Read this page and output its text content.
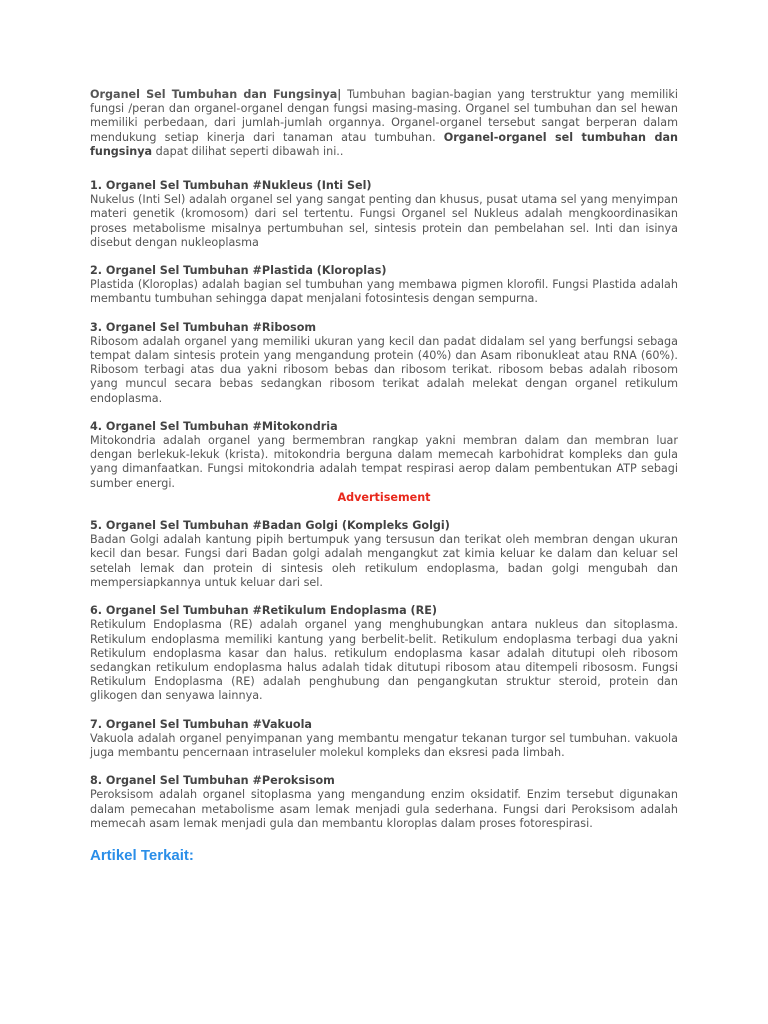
Organel Sel Tumbuhan dan Fungsinya| Tumbuhan bagian-bagian yang terstruktur yang memiliki fungsi /peran dan organel-organel dengan fungsi masing-masing. Organel sel tumbuhan dan sel hewan memiliki perbedaan, dari jumlah-jumlah organnya. Organel-organel tersebut sangat berperan dalam mendukung setiap kinerja dari tanaman atau tumbuhan. Organel-organel sel tumbuhan dan fungsinya dapat dilihat seperti dibawah ini..

1. Organel Sel Tumbuhan #Nukleus (Inti Sel)

Nukelus (Inti Sel) adalah organel sel yang sangat penting dan khusus, pusat utama sel yang menyimpan materi genetik (kromosom) dari sel tertentu. Fungsi Organel sel Nukleus adalah mengkoordinasikan proses metabolisme misalnya pertumbuhan sel, sintesis protein dan pembelahan sel. Inti dan isinya disebut dengan nukleoplasma

2. Organel Sel Tumbuhan #Plastida (Kloroplas)

Plastida (Kloroplas) adalah bagian sel tumbuhan yang membawa pigmen klorofil. Fungsi Plastida adalah membantu tumbuhan sehingga dapat menjalani fotosintesis dengan sempurna.

3. Organel Sel Tumbuhan #Ribosom

Ribosom adalah organel yang memiliki ukuran yang kecil dan padat didalam sel yang berfungsi sebaga tempat dalam sintesis protein yang mengandung protein (40%) dan Asam ribonukleat atau RNA (60%). Ribosom terbagi atas dua yakni ribosom bebas dan ribosom terikat. ribosom bebas adalah ribosom yang muncul secara bebas sedangkan ribosom terikat adalah melekat dengan organel retikulum endoplasma.

4. Organel Sel Tumbuhan #Mitokondria

Mitokondria adalah organel yang bermembran rangkap yakni membran dalam dan membran luar dengan berlekuk-lekuk (krista). mitokondria berguna dalam memecah karbohidrat kompleks dan gula yang dimanfaatkan. Fungsi mitokondria adalah tempat respirasi aerop dalam pembentukan ATP sebagi sumber energi.

Advertisement
5. Organel Sel Tumbuhan #Badan Golgi (Kompleks Golgi)

Badan Golgi adalah kantung pipih bertumpuk yang tersusun dan terikat oleh membran dengan ukuran kecil dan besar. Fungsi dari Badan golgi adalah mengangkut zat kimia keluar ke dalam dan keluar sel setelah lemak dan protein di sintesis oleh retikulum endoplasma, badan golgi mengubah dan mempersiapkannya untuk keluar dari sel.

6. Organel Sel Tumbuhan #Retikulum Endoplasma (RE)

Retikulum Endoplasma (RE) adalah organel yang menghubungkan antara nukleus dan sitoplasma. Retikulum endoplasma memiliki kantung yang berbelit-belit. Retikulum endoplasma terbagi dua yakni Retikulum endoplasma kasar dan halus. retikulum endoplasma kasar adalah ditutupi oleh ribosom sedangkan retikulum endoplasma halus adalah tidak ditutupi ribosom atau ditempeli ribososm. Fungsi Retikulum Endoplasma (RE) adalah penghubung dan pengangkutan struktur steroid, protein dan glikogen dan senyawa lainnya.

7. Organel Sel Tumbuhan #Vakuola

Vakuola adalah organel penyimpanan yang membantu mengatur tekanan turgor sel tumbuhan. vakuola juga membantu pencernaan intraseluler molekul kompleks dan eksresi pada limbah.

8. Organel Sel Tumbuhan #Peroksisom

Peroksisom adalah organel sitoplasma yang mengandung enzim oksidatif. Enzim tersebut digunakan dalam pemecahan metabolisme asam lemak menjadi gula sederhana. Fungsi dari Peroksisom adalah memecah asam lemak menjadi gula dan membantu kloroplas dalam proses fotorespirasi.

Artikel Terkait:
